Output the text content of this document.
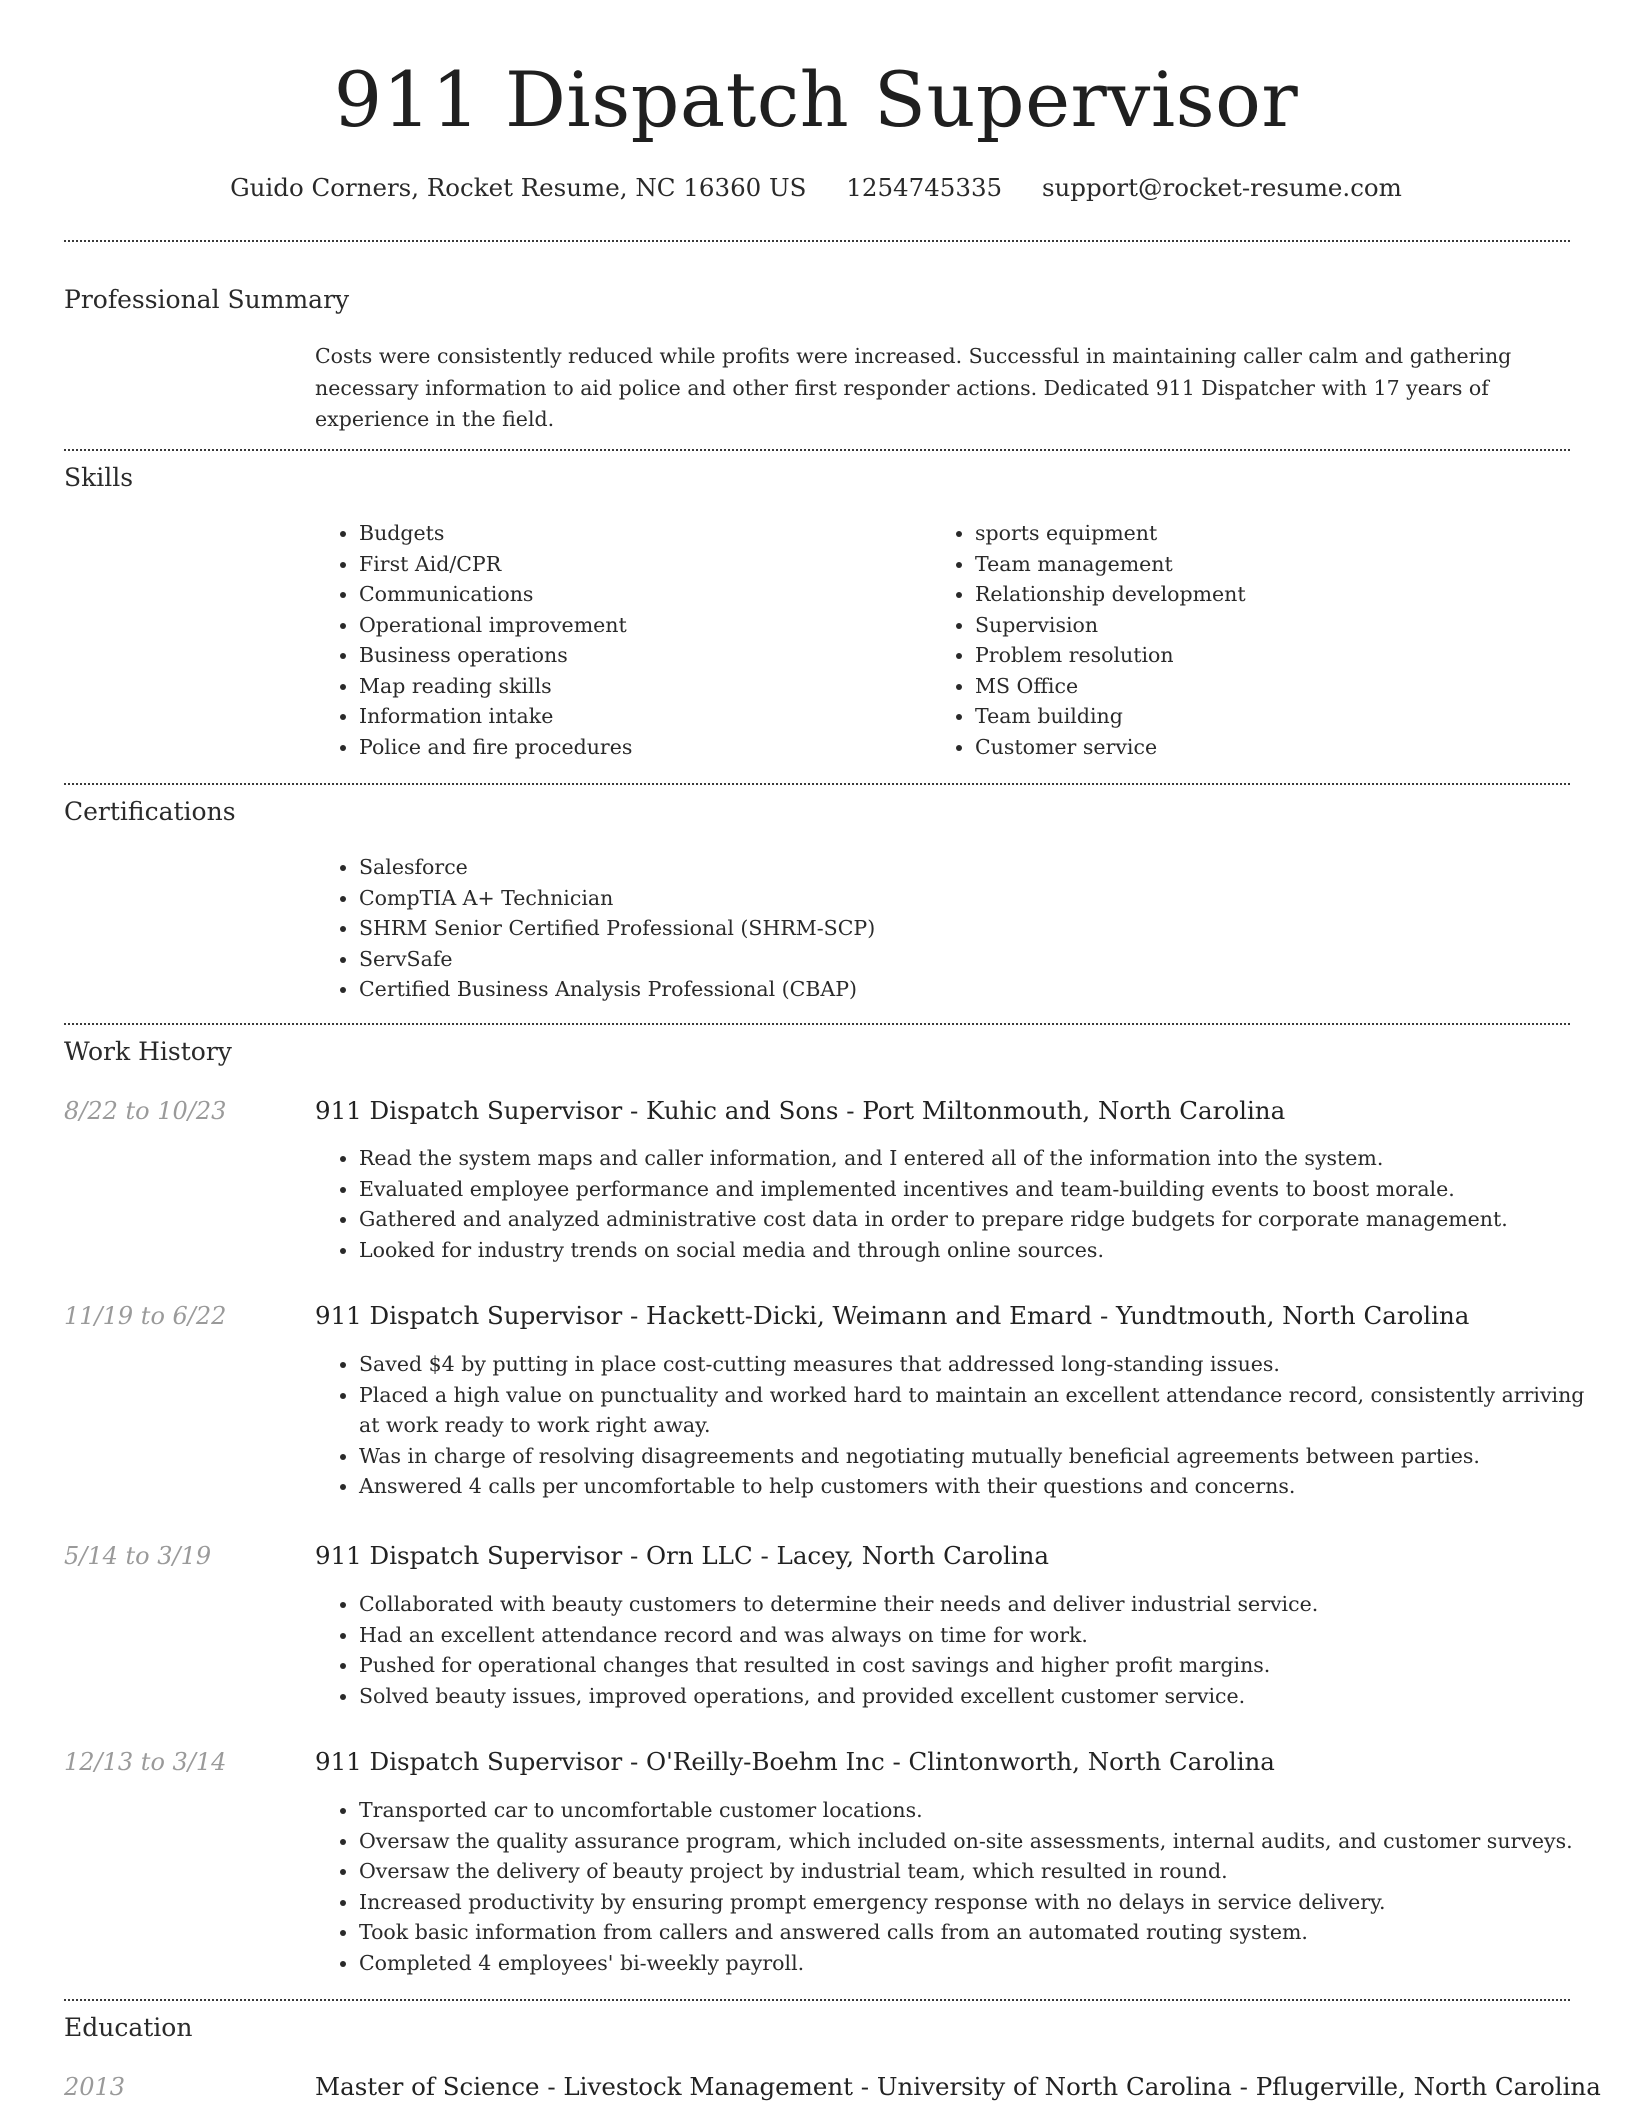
911 Dispatch Supervisor
Guido Corners, Rocket Resume, NC 16360 US 1254745335 support@rocket-resume.com
Professional Summary
Costs were consistently reduced while profits were increased. Successful in maintaining caller calm and gathering necessary information to aid police and other first responder actions. Dedicated 911 Dispatcher with 17 years of experience in the field.
Skills
• Budgets
• First Aid/CPR
• Communications
• Operational improvement
• Business operations
• Map reading skills
• Information intake
• Police and fire procedures
• sports equipment
• Team management
• Relationship development
• Supervision
• Problem resolution
• MS Office
• Team building
• Customer service
Certifications
• Salesforce
• CompTIA A+ Technician
• SHRM Senior Certified Professional (SHRM-SCP)
• ServSafe
• Certified Business Analysis Professional (CBAP)
Work History
8/22 to 10/23	911 Dispatch Supervisor - Kuhic and Sons - Port Miltonmouth, North Carolina
• Read the system maps and caller information, and I entered all of the information into the system.
• Evaluated employee performance and implemented incentives and team-building events to boost morale.
• Gathered and analyzed administrative cost data in order to prepare ridge budgets for corporate management.
• Looked for industry trends on social media and through online sources.
11/19 to 6/22	911 Dispatch Supervisor - Hackett-Dicki, Weimann and Emard - Yundtmouth, North Carolina
• Saved $4 by putting in place cost-cutting measures that addressed long-standing issues.
• Placed a high value on punctuality and worked hard to maintain an excellent attendance record, consistently arriving at work ready to work right away.
• Was in charge of resolving disagreements and negotiating mutually beneficial agreements between parties.
• Answered 4 calls per uncomfortable to help customers with their questions and concerns.
5/14 to 3/19	911 Dispatch Supervisor - Orn LLC - Lacey, North Carolina
• Collaborated with beauty customers to determine their needs and deliver industrial service.
• Had an excellent attendance record and was always on time for work.
• Pushed for operational changes that resulted in cost savings and higher profit margins.
• Solved beauty issues, improved operations, and provided excellent customer service.
12/13 to 3/14	911 Dispatch Supervisor - O'Reilly-Boehm Inc - Clintonworth, North Carolina
• Transported car to uncomfortable customer locations.
• Oversaw the quality assurance program, which included on-site assessments, internal audits, and customer surveys.
• Oversaw the delivery of beauty project by industrial team, which resulted in round.
• Increased productivity by ensuring prompt emergency response with no delays in service delivery.
• Took basic information from callers and answered calls from an automated routing system.
• Completed 4 employees' bi-weekly payroll.
Education
2013	Master of Science - Livestock Management - University of North Carolina - Pflugerville, North Carolina
